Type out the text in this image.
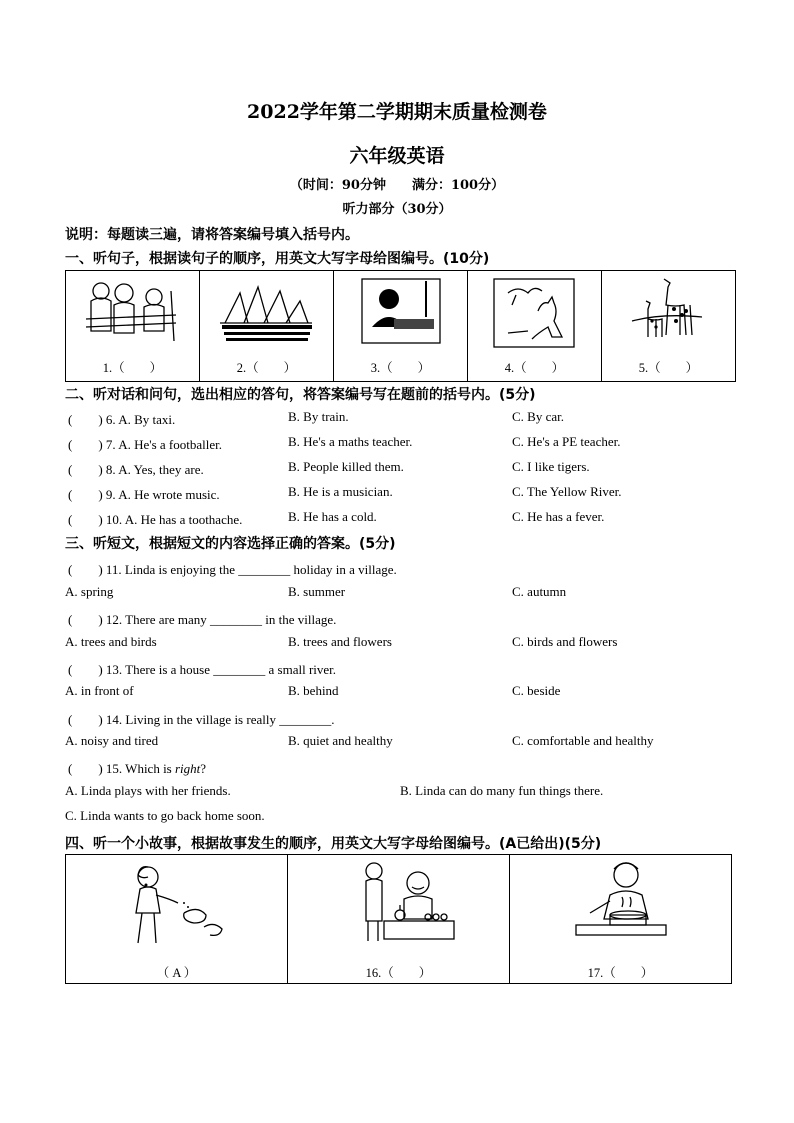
2022学年第二学期期末质量检测卷
六年级英语
（时间：90分钟　　满分：100分）
听力部分（30分）
说明：每题读三遍，请将答案编号填入括号内。
一、听句子，根据读句子的顺序，用英文大写字母给图编号。(10分)
1.（　　）	2.（　　）	3.（　　）	4.（　　）	5.（　　）
二、听对话和问句，选出相应的答句，将答案编号写在题前的括号内。(5分)
(　　) 6. A. By taxi.	B. By train.	C. By car.
(　　) 7. A. He's a footballer.	B. He's a maths teacher.	C. He's a PE teacher.
(　　) 8. A. Yes, they are.	B. People killed them.	C. I like tigers.
(　　) 9. A. He wrote music.	B. He is a musician.	C. The Yellow River.
(　　) 10. A. He has a toothache.	B. He has a cold.	C. He has a fever.
三、听短文，根据短文的内容选择正确的答案。(5分)
(　　) 11. Linda is enjoying the ________ holiday in a village.
A. spring	B. summer	C. autumn
(　　) 12. There are many ________ in the village.
A. trees and birds	B. trees and flowers	C. birds and flowers
(　　) 13. There is a house ________ a small river.
A. in front of	B. behind	C. beside
(　　) 14. Living in the village is really ________.
A. noisy and tired	B. quiet and healthy	C. comfortable and healthy
(　　) 15. Which is right?
A. Linda plays with her friends.	B. Linda can do many fun things there.
C. Linda wants to go back home soon.
四、听一个小故事，根据故事发生的顺序，用英文大写字母给图编号。(A已给出)(5分)
（ A ）	16.（　　）	17.（　　）
